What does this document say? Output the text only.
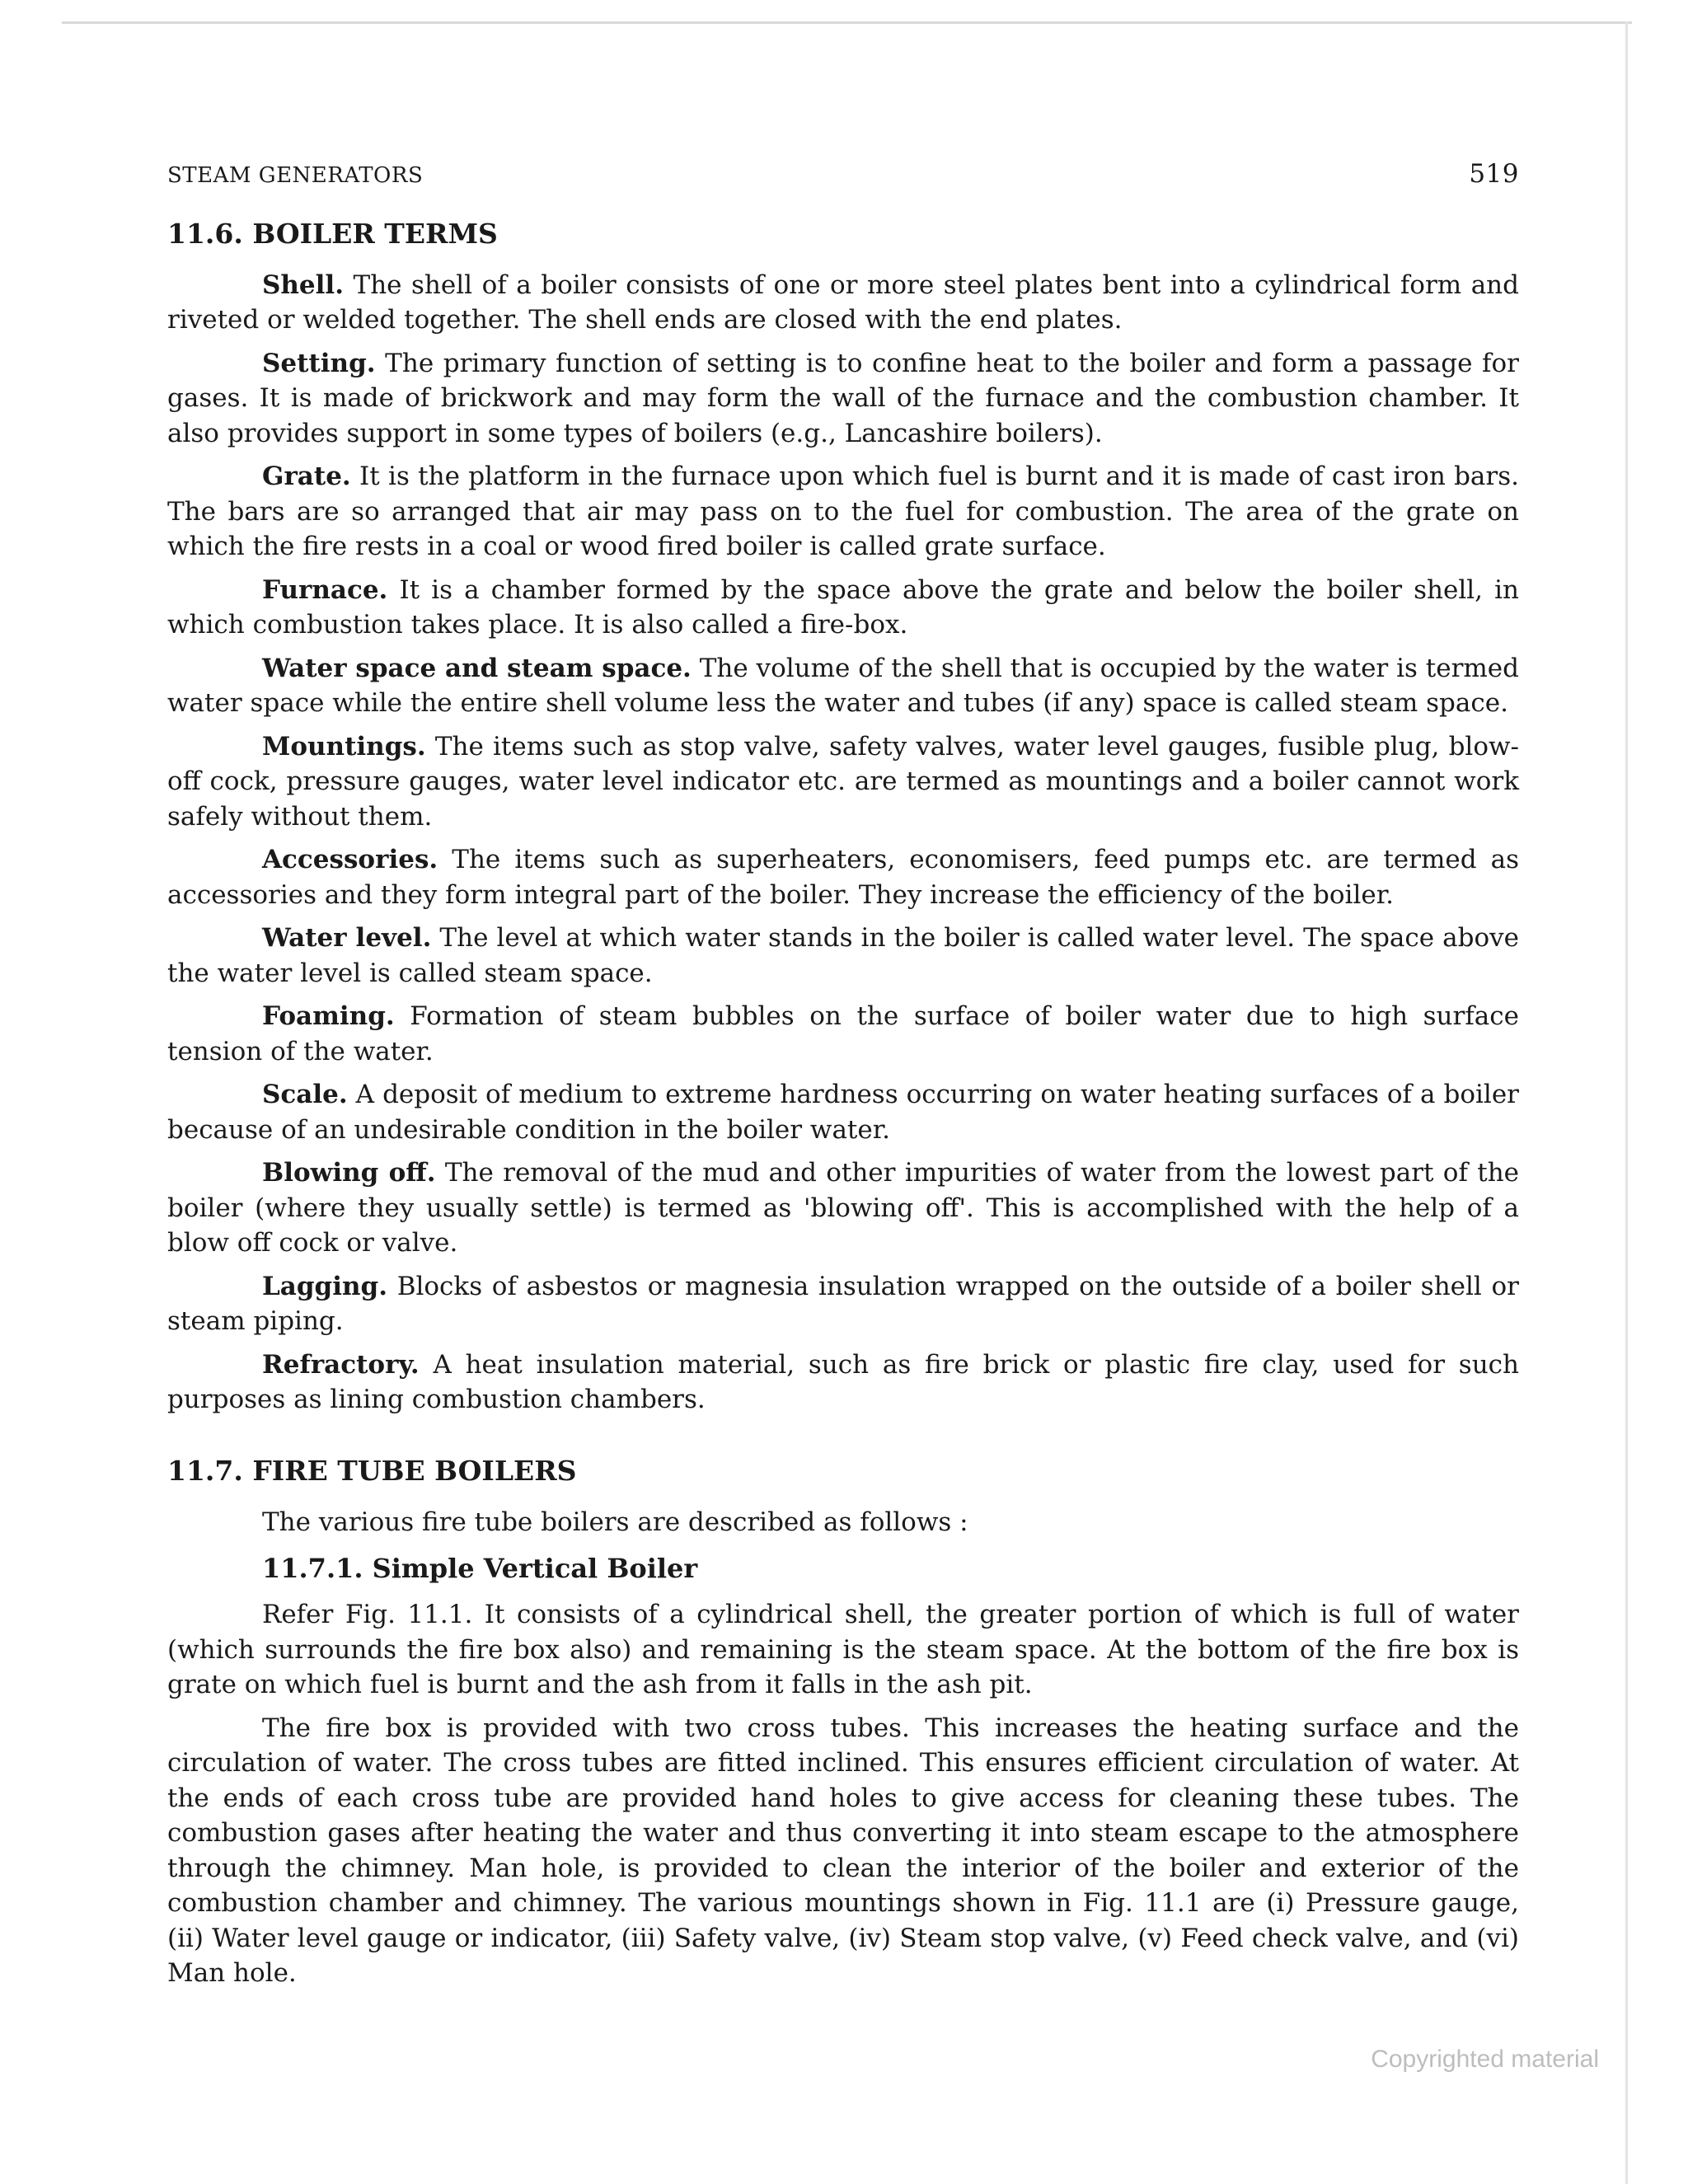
STEAM GENERATORS	519
11.6. BOILER TERMS

Shell. The shell of a boiler consists of one or more steel plates bent into a cylindrical form and riveted or welded together. The shell ends are closed with the end plates.

Setting. The primary function of setting is to confine heat to the boiler and form a passage for gases. It is made of brickwork and may form the wall of the furnace and the combustion chamber. It also provides support in some types of boilers (e.g., Lancashire boilers).

Grate. It is the platform in the furnace upon which fuel is burnt and it is made of cast iron bars. The bars are so arranged that air may pass on to the fuel for combustion. The area of the grate on which the fire rests in a coal or wood fired boiler is called grate surface.

Furnace. It is a chamber formed by the space above the grate and below the boiler shell, in which combustion takes place. It is also called a fire-box.

Water space and steam space. The volume of the shell that is occupied by the water is termed water space while the entire shell volume less the water and tubes (if any) space is called steam space.

Mountings. The items such as stop valve, safety valves, water level gauges, fusible plug, blow-off cock, pressure gauges, water level indicator etc. are termed as mountings and a boiler cannot work safely without them.

Accessories. The items such as superheaters, economisers, feed pumps etc. are termed as accessories and they form integral part of the boiler. They increase the efficiency of the boiler.

Water level. The level at which water stands in the boiler is called water level. The space above the water level is called steam space.

Foaming. Formation of steam bubbles on the surface of boiler water due to high surface tension of the water.

Scale. A deposit of medium to extreme hardness occurring on water heating surfaces of a boiler because of an undesirable condition in the boiler water.

Blowing off. The removal of the mud and other impurities of water from the lowest part of the boiler (where they usually settle) is termed as 'blowing off'. This is accomplished with the help of a blow off cock or valve.

Lagging. Blocks of asbestos or magnesia insulation wrapped on the outside of a boiler shell or steam piping.

Refractory. A heat insulation material, such as fire brick or plastic fire clay, used for such purposes as lining combustion chambers.

11.7. FIRE TUBE BOILERS

The various fire tube boilers are described as follows :

11.7.1. Simple Vertical Boiler

Refer Fig. 11.1. It consists of a cylindrical shell, the greater portion of which is full of water (which surrounds the fire box also) and remaining is the steam space. At the bottom of the fire box is grate on which fuel is burnt and the ash from it falls in the ash pit.

The fire box is provided with two cross tubes. This increases the heating surface and the circulation of water. The cross tubes are fitted inclined. This ensures efficient circulation of water. At the ends of each cross tube are provided hand holes to give access for cleaning these tubes. The combustion gases after heating the water and thus converting it into steam escape to the atmosphere through the chimney. Man hole, is provided to clean the interior of the boiler and exterior of the combustion chamber and chimney. The various mountings shown in Fig. 11.1 are (i) Pressure gauge, (ii) Water level gauge or indicator, (iii) Safety valve, (iv) Steam stop valve, (v) Feed check valve, and (vi) Man hole.

Copyrighted material
